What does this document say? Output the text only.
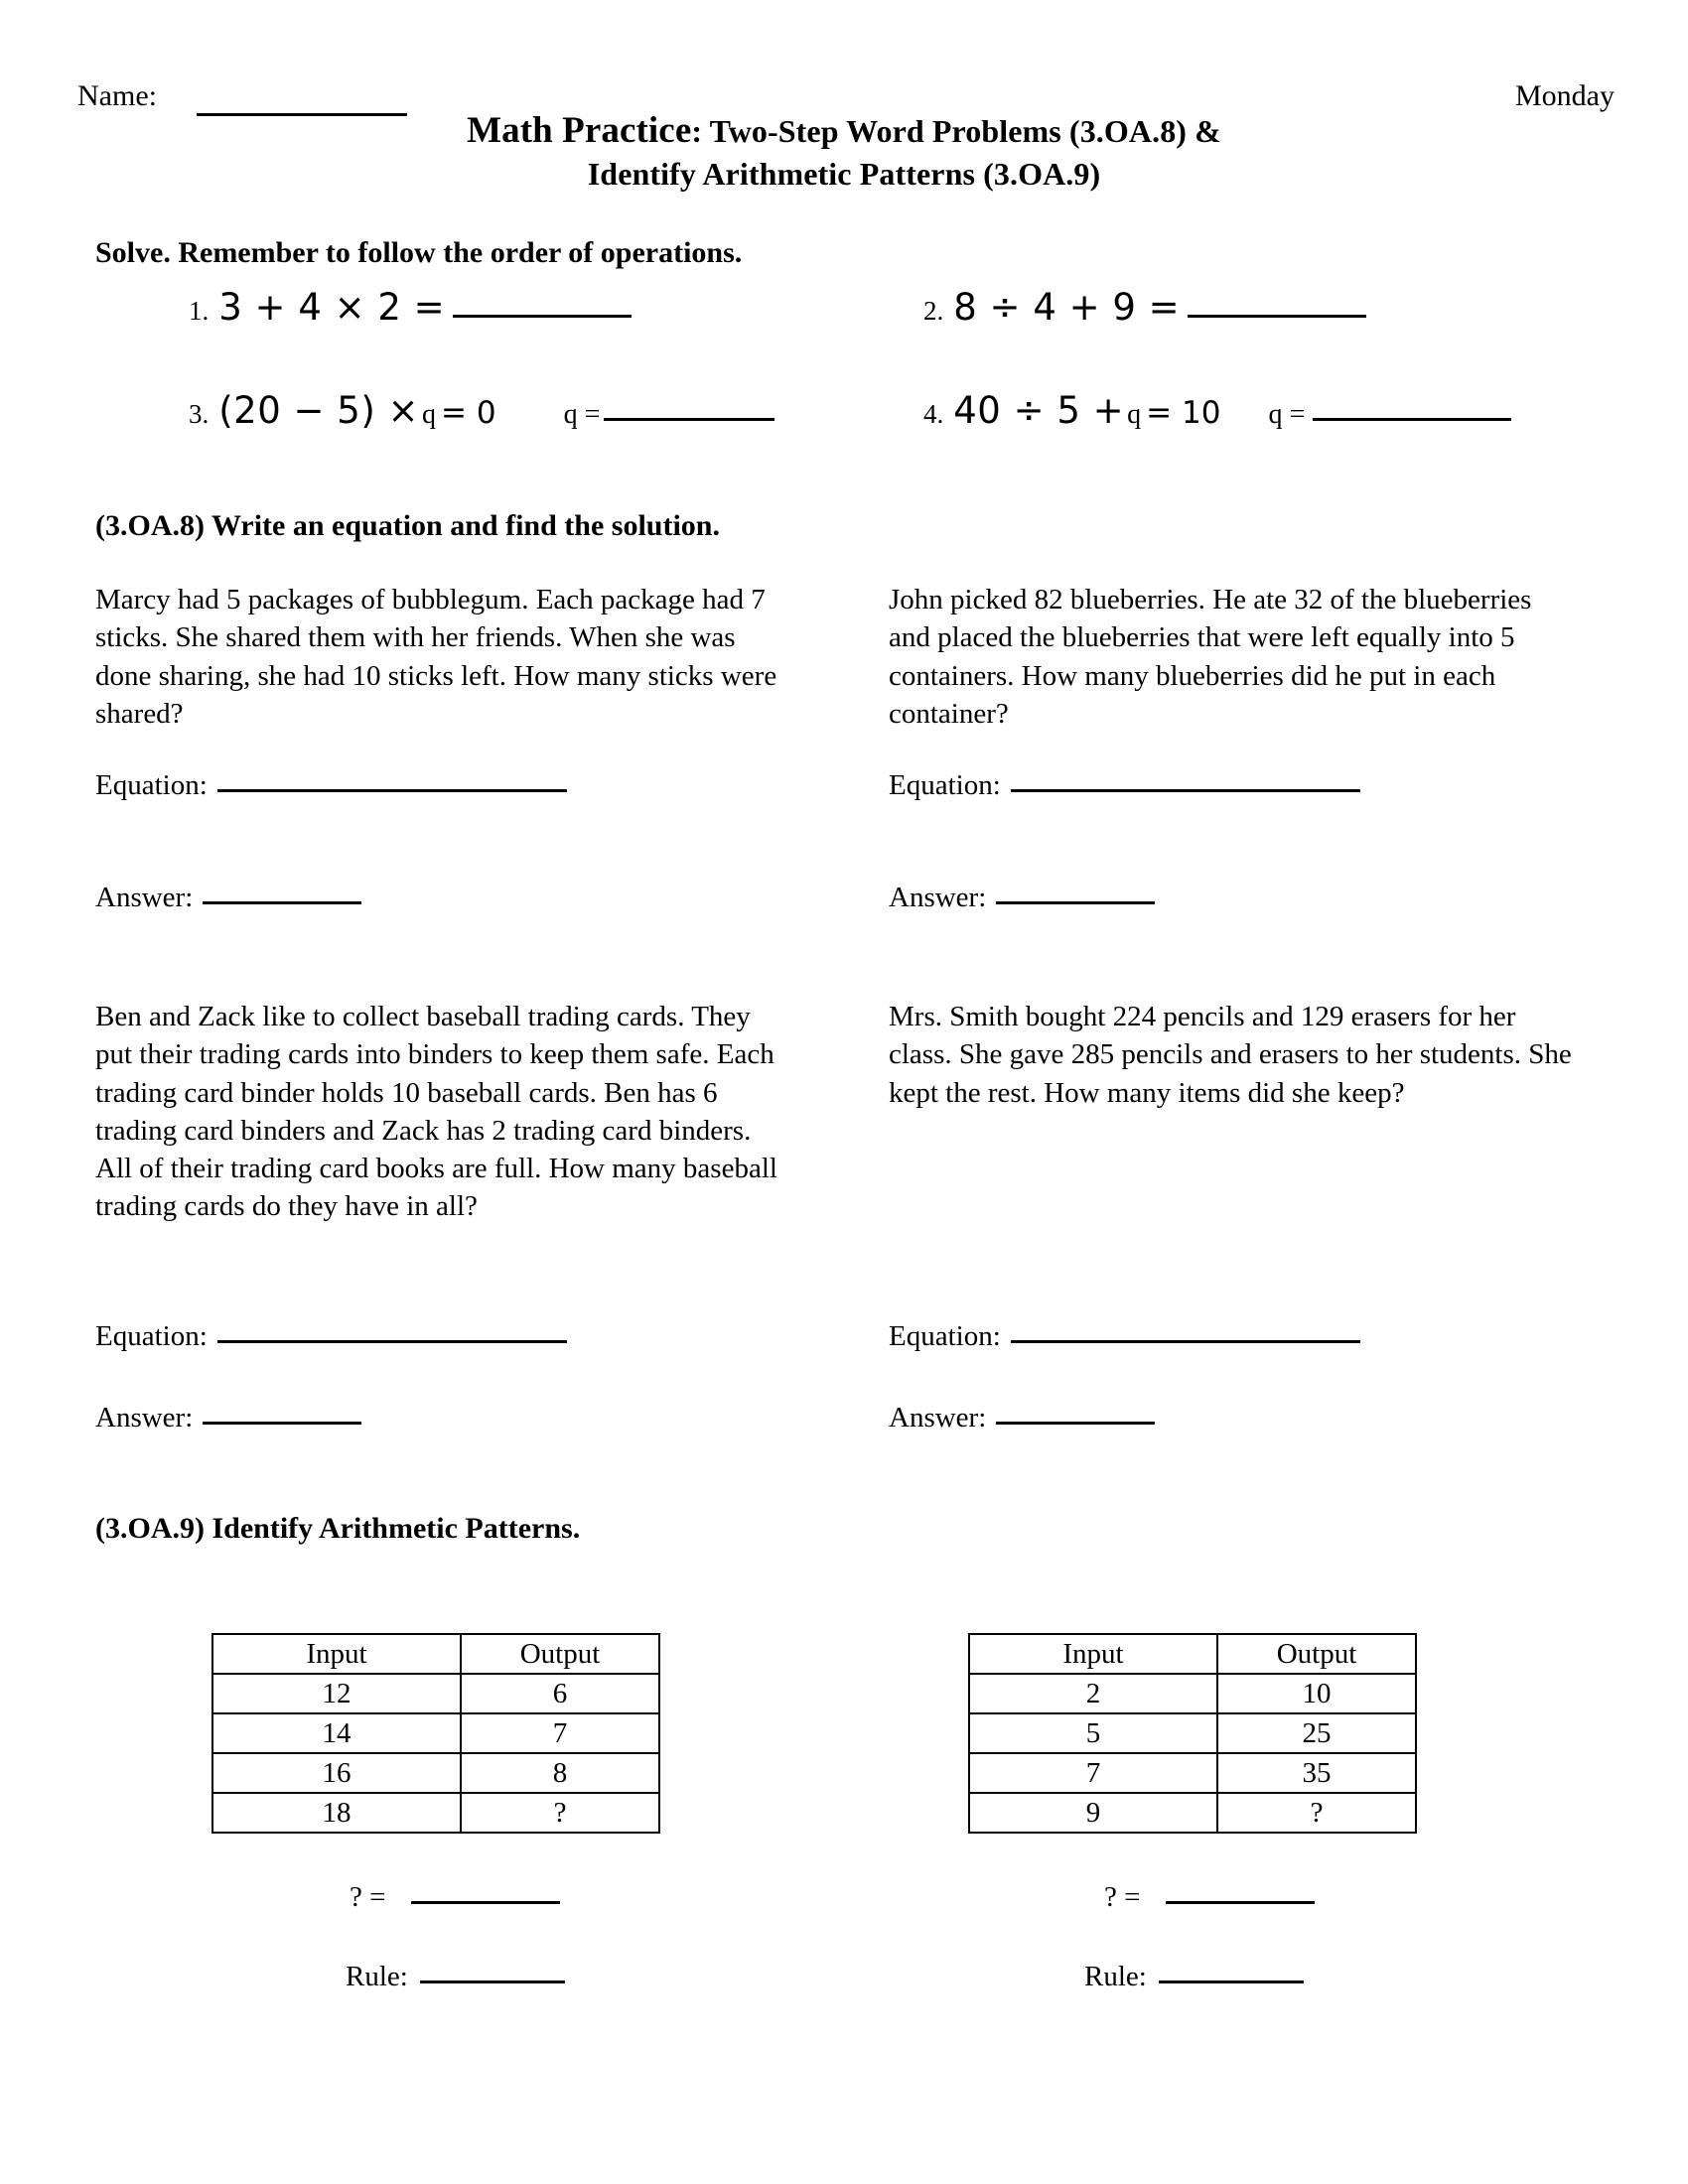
Name:	Monday
Math Practice: Two-Step Word Problems (3.OA.8) &
Identify Arithmetic Patterns (3.OA.9)
Solve. Remember to follow the order of operations.
1. 3 + 4 × 2 =	2. 8 ÷ 4 + 9 =
3. (20 − 5) × q = 0 q =	4. 40 ÷ 5 + q = 10 q =
(3.OA.8) Write an equation and find the solution.
Marcy had 5 packages of bubblegum. Each package had 7 sticks. She shared them with her friends. When she was done sharing, she had 10 sticks left. How many sticks were shared?
John picked 82 blueberries. He ate 32 of the blueberries and placed the blueberries that were left equally into 5 containers. How many blueberries did he put in each container?
Equation:	Equation:
Answer:	Answer:
Ben and Zack like to collect baseball trading cards. They put their trading cards into binders to keep them safe. Each trading card binder holds 10 baseball cards. Ben has 6 trading card binders and Zack has 2 trading card binders. All of their trading card books are full. How many baseball trading cards do they have in all?
Mrs. Smith bought 224 pencils and 129 erasers for her class. She gave 285 pencils and erasers to her students. She kept the rest. How many items did she keep?
Equation:	Equation:
Answer:	Answer:
(3.OA.9) Identify Arithmetic Patterns.
Input	Output
12	6
14	7
16	8
18	?
Input	Output
2	10
5	25
7	35
9	?
? =	? =
Rule:	Rule:
